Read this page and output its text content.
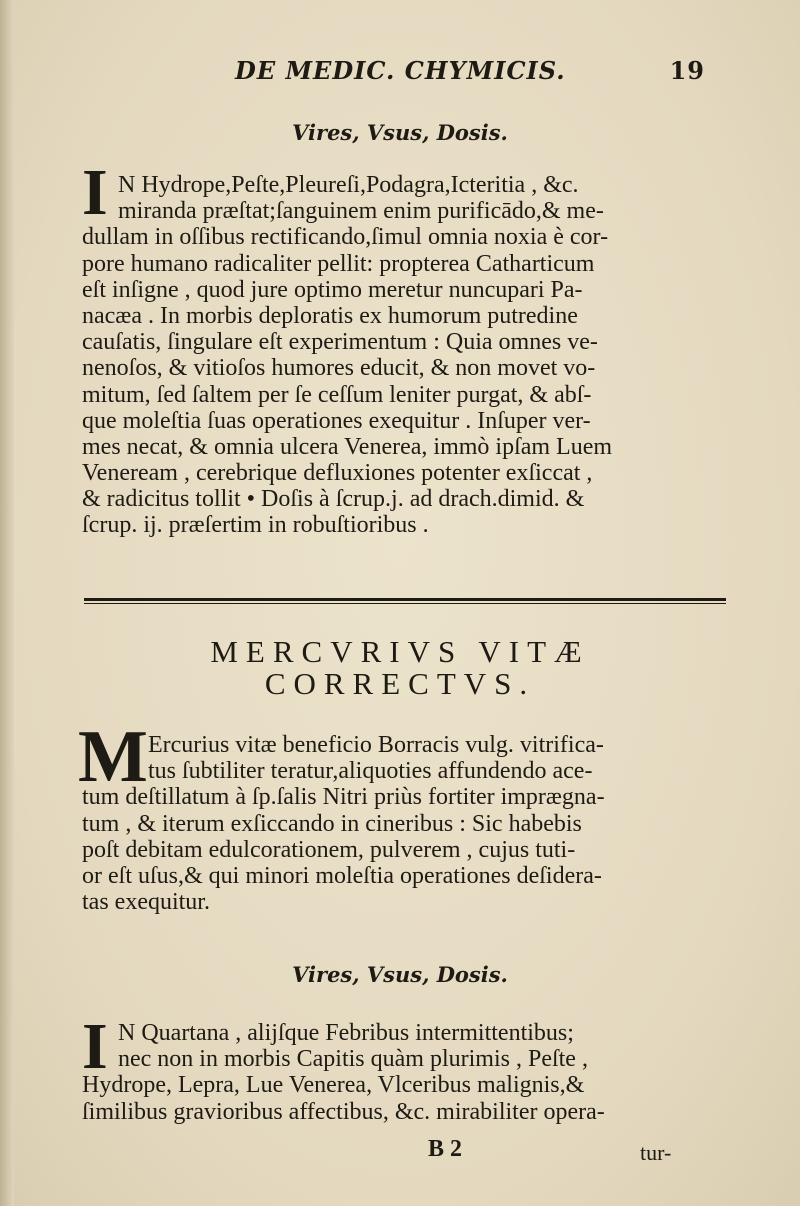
DE MEDIC. CHYMICIS.	19
Vires, Vsus, Dosis.
I N Hydrope,Peſte,Pleureſi,Podagra,Icteritia , &c.
miranda præſtat;ſanguinem enim purificādo,& me-
dullam in oſſibus rectificando,ſimul omnia noxia è cor-
pore humano radicaliter pellit: propterea Catharticum
eſt inſigne , quod jure optimo meretur nuncupari Pa-
nacæa . In morbis deploratis ex humorum putredine
cauſatis, ſingulare eſt experimentum : Quia omnes ve-
nenoſos, & vitioſos humores educit, & non movet vo-
mitum, ſed ſaltem per ſe ceſſum leniter purgat, & abſ-
que moleſtia ſuas operationes exequitur . Inſuper ver-
mes necat, & omnia ulcera Venerea, immò ipſam Luem
Veneream , cerebrique defluxiones potenter exſiccat ,
& radicitus tollit • Doſis à ſcrup.j. ad drach.dimid. &
ſcrup. ij. præſertim in robuſtioribus .
MERCVRIVS VITÆ
CORRECTVS.
M Ercurius vitæ beneficio Borracis vulg. vitrifica-
tus ſubtiliter teratur,aliquoties affundendo ace-
tum deſtillatum à ſp.ſalis Nitri priùs fortiter imprægna-
tum , & iterum exſiccando in cineribus : Sic habebis
poſt debitam edulcorationem, pulverem , cujus tuti-
or eſt uſus,& qui minori moleſtia operationes deſidera-
tas exequitur.
Vires, Vsus, Dosis.
I N Quartana , alijſque Febribus intermittentibus;
nec non in morbis Capitis quàm plurimis , Peſte ,
Hydrope, Lepra, Lue Venerea, Vlceribus malignis,&
ſimilibus gravioribus affectibus, &c. mirabiliter opera-
B 2	tur-
